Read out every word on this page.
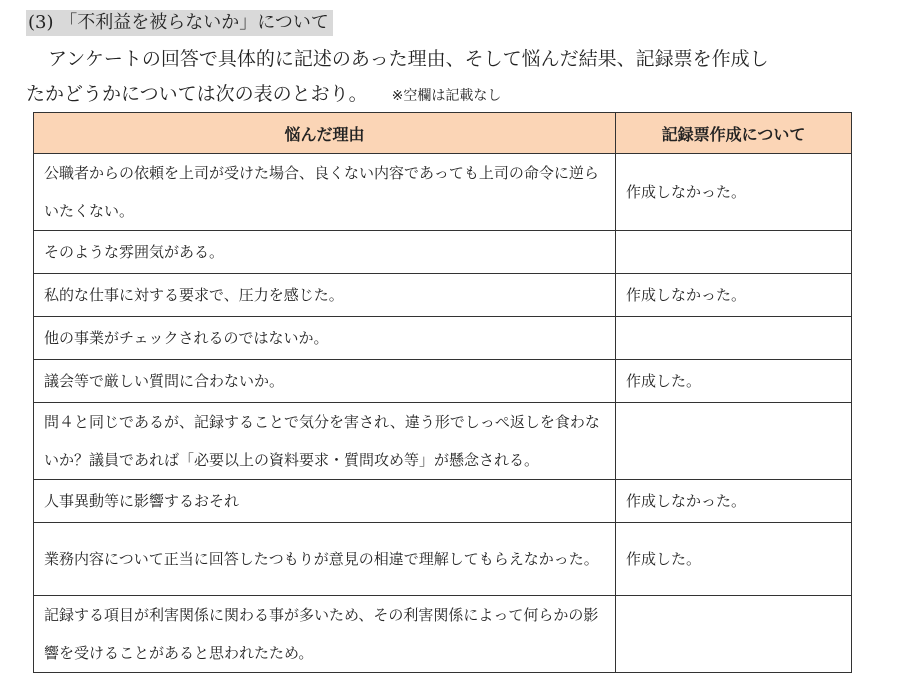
(3) 「不利益を被らないか」について
アンケートの回答で具体的に記述のあった理由、そして悩んだ結果、記録票を作成し
たかどうかについては次の表のとおり。 ※空欄は記載なし
悩んだ理由	記録票作成について
公職者からの依頼を上司が受けた場合、良くない内容であっても上司の命令に逆らいたくない。	作成しなかった。
そのような雰囲気がある。	
私的な仕事に対する要求で、圧力を感じた。	作成しなかった。
他の事業がチェックされるのではないか。	
議会等で厳しい質問に合わないか。	作成した。
問４と同じであるが、記録することで気分を害され、違う形でしっぺ返しを食わないか？議員であれば「必要以上の資料要求・質問攻め等」が懸念される。	
人事異動等に影響するおそれ	作成しなかった。
業務内容について正当に回答したつもりが意見の相違で理解してもらえなかった。	作成した。
記録する項目が利害関係に関わる事が多いため、その利害関係によって何らかの影響を受けることがあると思われたため。	
